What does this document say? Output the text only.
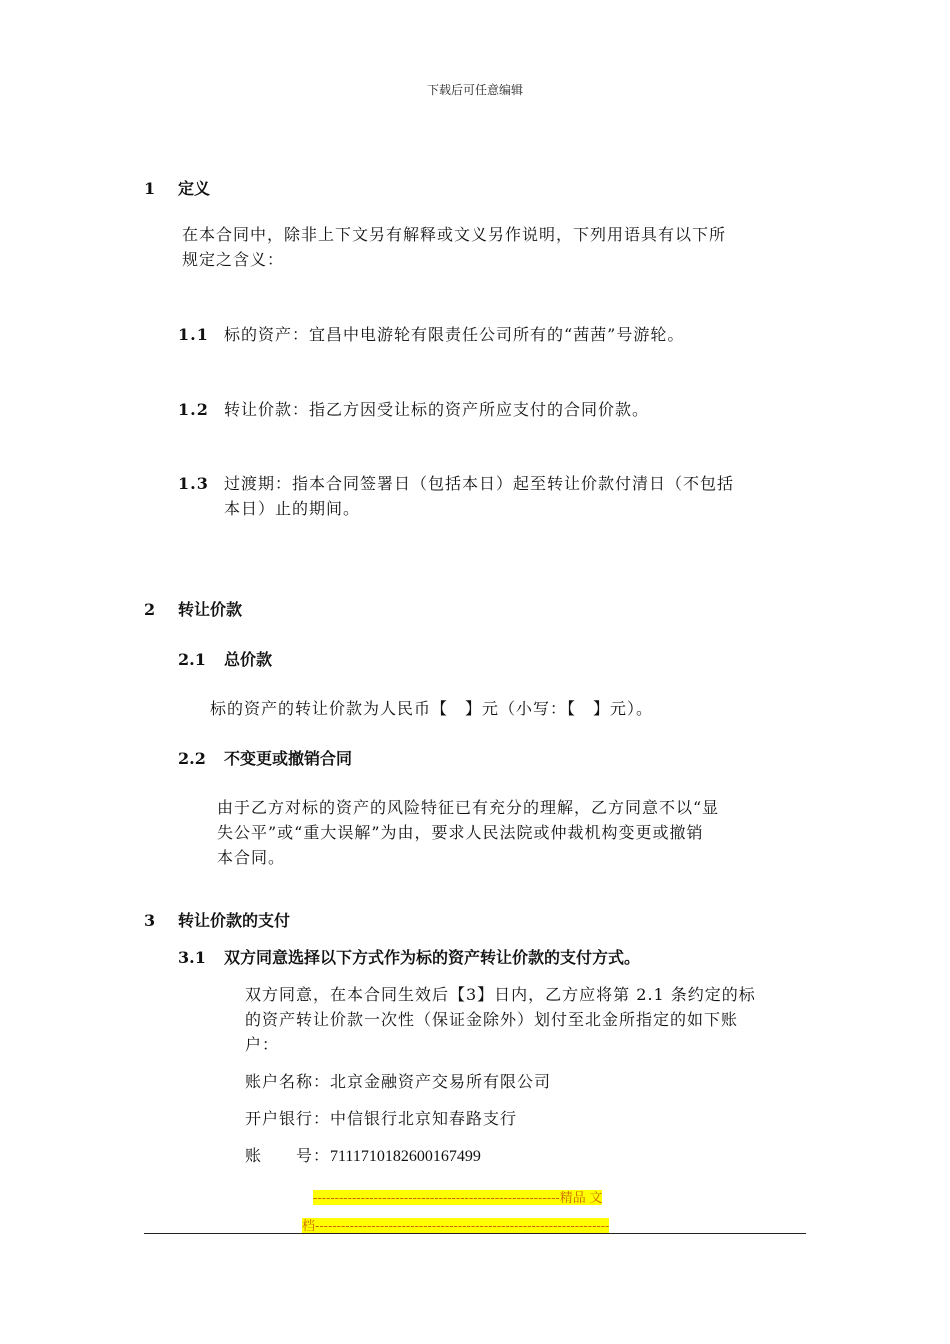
下载后可任意编辑
1 定义
在本合同中，除非上下文另有解释或文义另作说明，下列用语具有以下所
规定之含义：
1.1 标的资产：宜昌中电游轮有限责任公司所有的“茜茜”号游轮。
1.2 转让价款：指乙方因受让标的资产所应支付的合同价款。
1.3 过渡期：指本合同签署日（包括本日）起至转让价款付清日（不包括
本日）止的期间。
2 转让价款
2.1 总价款
标的资产的转让价款为人民币【　】元（小写：【　】元）。
2.2 不变更或撤销合同
由于乙方对标的资产的风险特征已有充分的理解，乙方同意不以“显
失公平”或“重大误解”为由，要求人民法院或仲裁机构变更或撤销
本合同。
3 转让价款的支付
3.1 双方同意选择以下方式作为标的资产转让价款的支付方式。
双方同意，在本合同生效后【3】日内，乙方应将第 2.1 条约定的标
的资产转让价款一次性（保证金除外）划付至北金所指定的如下账
户：
账户名称：北京金融资产交易所有限公司
开户银行：中信银行北京知春路支行
账　　号：7111710182600167499
---------------------------------------------------------精品 文
档--------------------------------------------------------------------
